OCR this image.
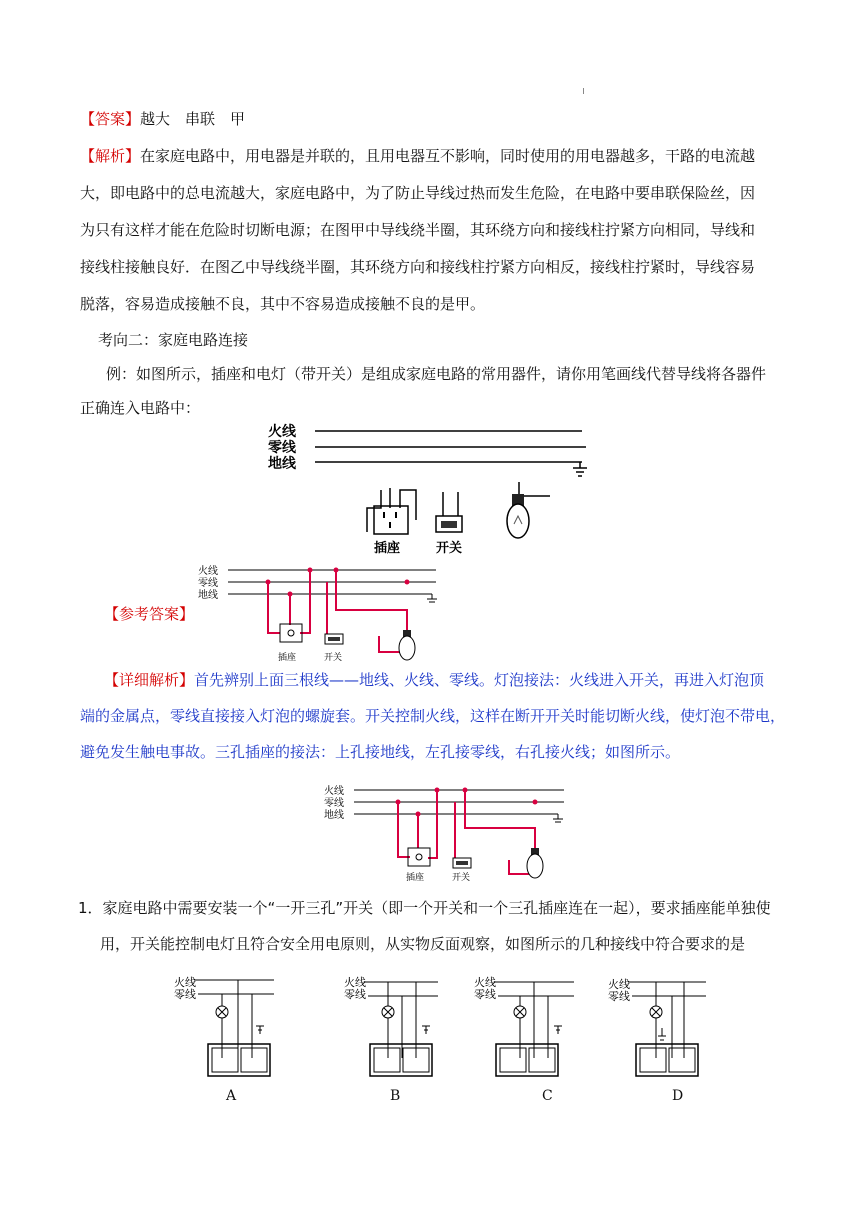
【答案】越大　串联　甲

【解析】在家庭电路中，用电器是并联的，且用电器互不影响，同时使用的用电器越多，干路的电流越

大，即电路中的总电流越大，家庭电路中，为了防止导线过热而发生危险，在电路中要串联保险丝，因

为只有这样才能在危险时切断电源；在图甲中导线绕半圈，其环绕方向和接线柱拧紧方向相同，导线和

接线柱接触良好．在图乙中导线绕半圈，其环绕方向和接线柱拧紧方向相反，接线柱拧紧时，导线容易

脱落，容易造成接触不良，其中不容易造成接触不良的是甲。

考向二：家庭电路连接

例：如图所示，插座和电灯（带开关）是组成家庭电路的常用器件，请你用笔画线代替导线将各器件

正确连入电路中：

火线
零线
地线
插座	开关
【参考答案】
火线
零线
地线
插座	开关

【详细解析】首先辨别上面三根线——地线、火线、零线。灯泡接法：火线进入开关，再进入灯泡顶

端的金属点，零线直接接入灯泡的螺旋套。开关控制火线，这样在断开开关时能切断火线，使灯泡不带电，

避免发生触电事故。三孔插座的接法：上孔接地线，左孔接零线，右孔接火线；如图所示。

火线
零线
地线
插座	开关

1．家庭电路中需要安装一个“一开三孔”开关（即一个开关和一个三孔插座连在一起），要求插座能单独使

用，开关能控制电灯且符合安全用电原则，从实物反面观察，如图所示的几种接线中符合要求的是

火线
零线
A
火线
零线
B
火线
零线
C
火线
零线
D
